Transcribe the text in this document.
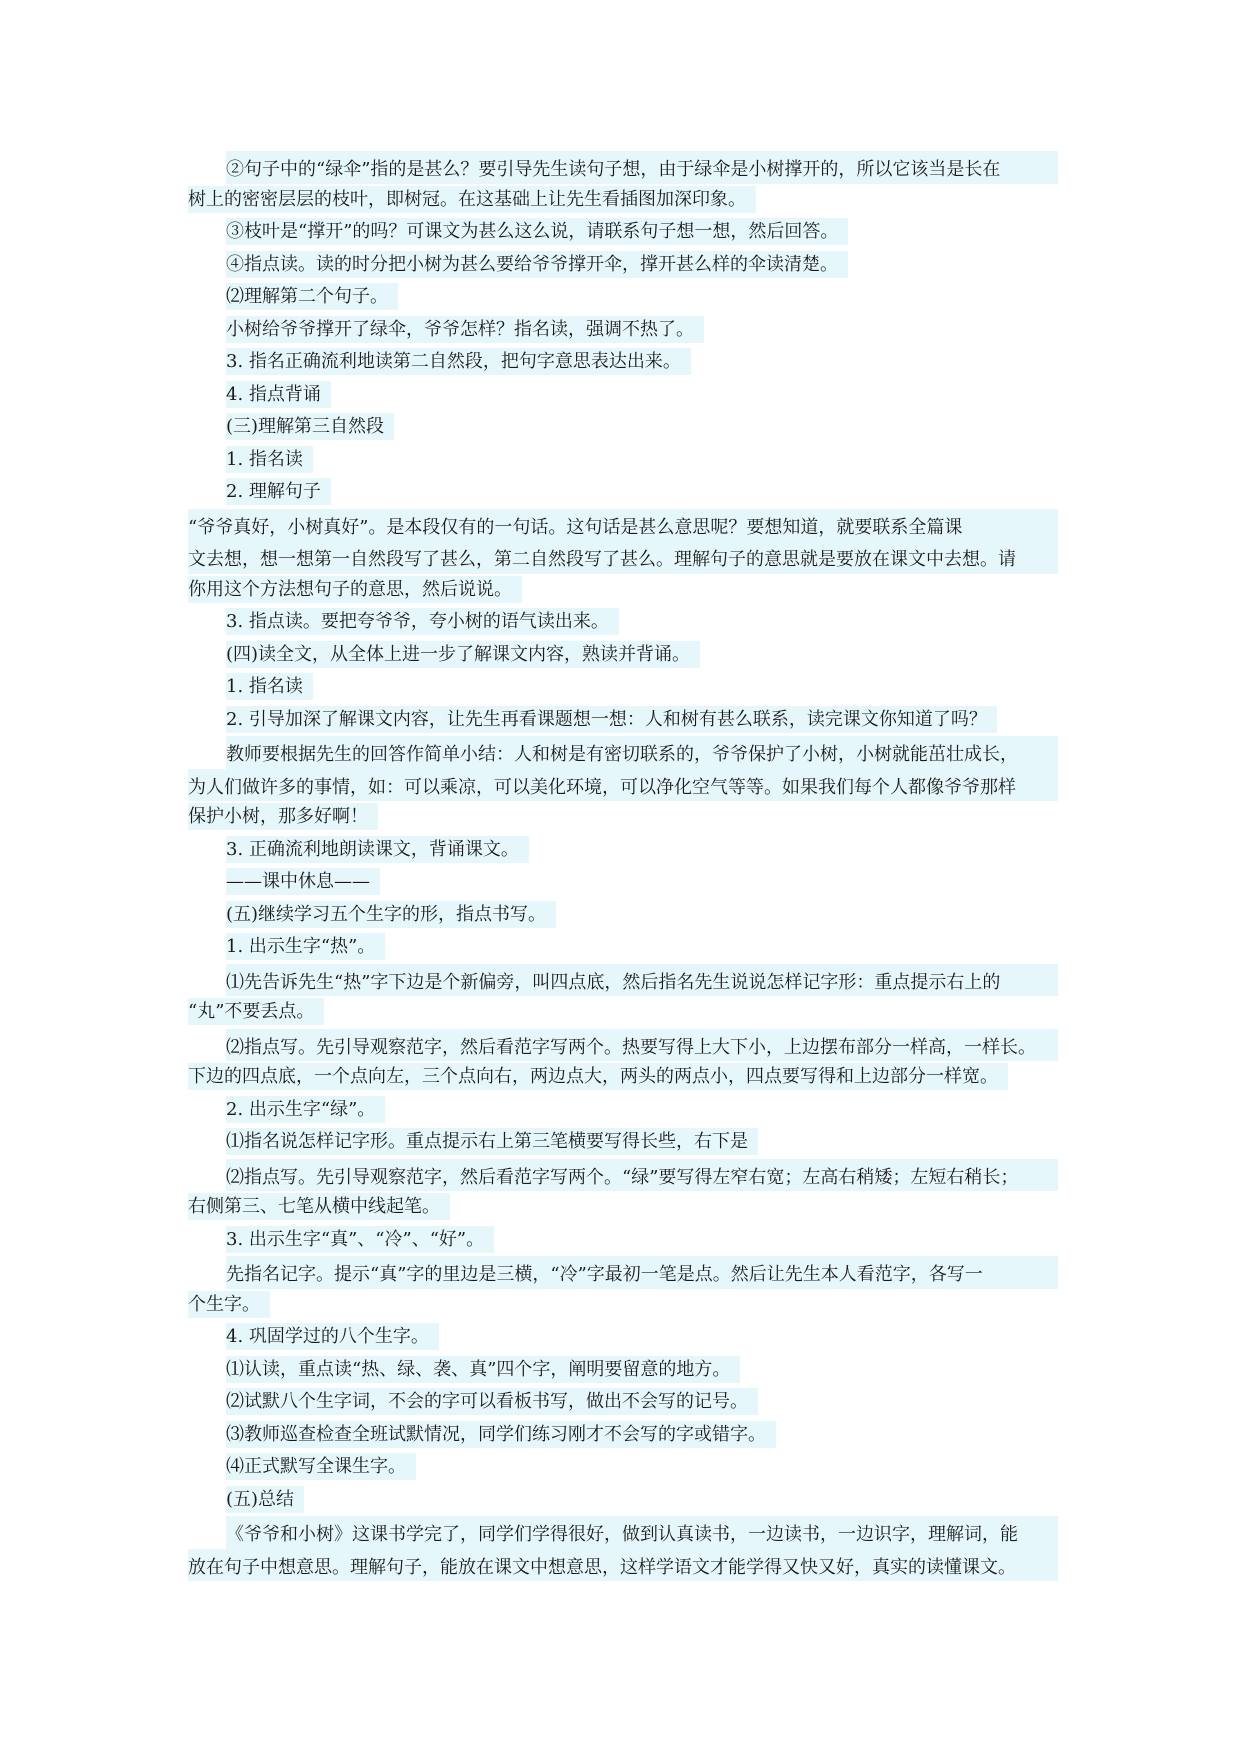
②句子中的“绿伞”指的是甚么？要引导先生读句子想，由于绿伞是小树撑开的，所以它该当是长在
树上的密密层层的枝叶，即树冠。在这基础上让先生看插图加深印象。
③枝叶是“撑开”的吗？可课文为甚么这么说，请联系句子想一想，然后回答。
④指点读。读的时分把小树为甚么要给爷爷撑开伞，撑开甚么样的伞读清楚。
⑵理解第二个句子。
小树给爷爷撑开了绿伞，爷爷怎样？指名读，强调不热了。
3. 指名正确流利地读第二自然段，把句字意思表达出来。
4. 指点背诵
(三)理解第三自然段
1. 指名读
2. 理解句子
“爷爷真好，小树真好”。是本段仅有的一句话。这句话是甚么意思呢？要想知道，就要联系全篇课
文去想，想一想第一自然段写了甚么，第二自然段写了甚么。理解句子的意思就是要放在课文中去想。请
你用这个方法想句子的意思，然后说说。
3. 指点读。要把夸爷爷，夸小树的语气读出来。
(四)读全文，从全体上进一步了解课文内容，熟读并背诵。
1. 指名读
2. 引导加深了解课文内容，让先生再看课题想一想：人和树有甚么联系，读完课文你知道了吗？
教师要根据先生的回答作简单小结：人和树是有密切联系的，爷爷保护了小树，小树就能茁壮成长，
为人们做许多的事情，如：可以乘凉，可以美化环境，可以净化空气等等。如果我们每个人都像爷爷那样
保护小树，那多好啊！
3. 正确流利地朗读课文，背诵课文。
——课中休息——
(五)继续学习五个生字的形，指点书写。
1. 出示生字“热”。
⑴先告诉先生“热”字下边是个新偏旁，叫四点底，然后指名先生说说怎样记字形：重点提示右上的
“丸”不要丢点。
⑵指点写。先引导观察范字，然后看范字写两个。热要写得上大下小，上边摆布部分一样高，一样长。
下边的四点底，一个点向左，三个点向右，两边点大，两头的两点小，四点要写得和上边部分一样宽。
2. 出示生字“绿”。
⑴指名说怎样记字形。重点提示右上第三笔横要写得长些，右下是
⑵指点写。先引导观察范字，然后看范字写两个。“绿”要写得左窄右宽；左高右稍矮；左短右稍长；
右侧第三、七笔从横中线起笔。
3. 出示生字“真”、“冷”、“好”。
先指名记字。提示“真”字的里边是三横，“冷”字最初一笔是点。然后让先生本人看范字，各写一
个生字。
4. 巩固学过的八个生字。
⑴认读，重点读“热、绿、袭、真”四个字，阐明要留意的地方。
⑵试默八个生字词，不会的字可以看板书写，做出不会写的记号。
⑶教师巡查检查全班试默情况，同学们练习刚才不会写的字或错字。
⑷正式默写全课生字。
(五)总结
《爷爷和小树》这课书学完了，同学们学得很好，做到认真读书，一边读书，一边识字，理解词，能
放在句子中想意思。理解句子，能放在课文中想意思，这样学语文才能学得又快又好，真实的读懂课文。
